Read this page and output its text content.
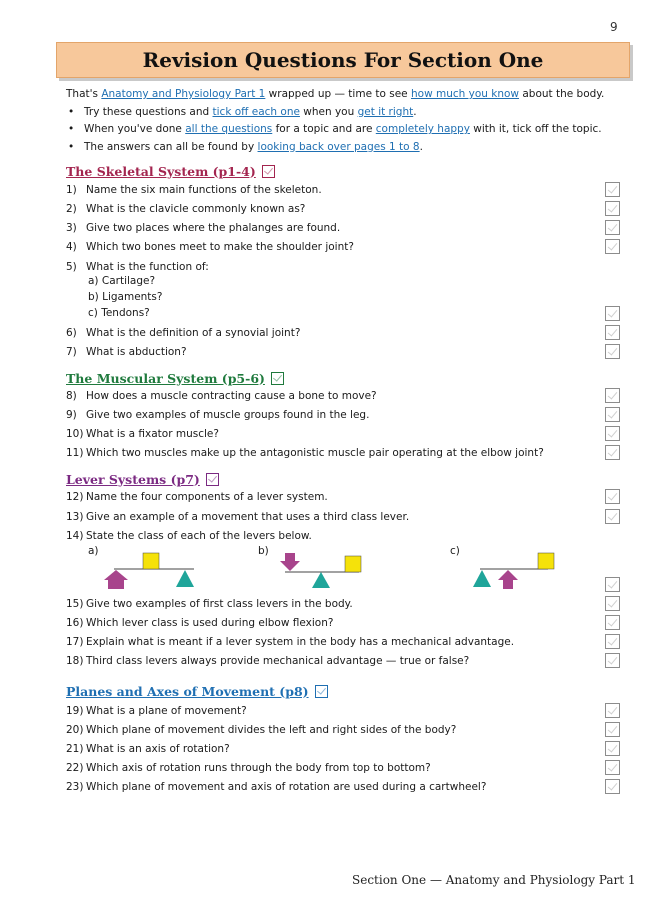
9
Revision Questions For Section One

That's Anatomy and Physiology Part 1 wrapped up — time to see how much you know about the body.

• Try these questions and tick off each one when you get it right.
• When you've done all the questions for a topic and are completely happy with it, tick off the topic.
• The answers can all be found by looking back over pages 1 to 8.
The Skeletal System (p1-4)
The Muscular System (p5-6)
Lever Systems (p7)
Planes and Axes of Movement (p8)
1) Name the six main functions of the skeleton.
2) What is the clavicle commonly known as?
3) Give two places where the phalanges are found.
4) Which two bones meet to make the shoulder joint?
5) What is the function of:
a) Cartilage?
b) Ligaments?
c) Tendons?
6) What is the definition of a synovial joint?
7) What is abduction?
8) How does a muscle contracting cause a bone to move?
9) Give two examples of muscle groups found in the leg.
10) What is a fixator muscle?
11) Which two muscles make up the antagonistic muscle pair operating at the elbow joint?
12) Name the four components of a lever system.
13) Give an example of a movement that uses a third class lever.
14) State the class of each of the levers below.
a)	b)	c)
15) Give two examples of first class levers in the body.
16) Which lever class is used during elbow flexion?
17) Explain what is meant if a lever system in the body has a mechanical advantage.
18) Third class levers always provide mechanical advantage — true or false?
19) What is a plane of movement?
20) Which plane of movement divides the left and right sides of the body?
21) What is an axis of rotation?
22) Which axis of rotation runs through the body from top to bottom?
23) Which plane of movement and axis of rotation are used during a cartwheel?
Section One — Anatomy and Physiology Part 1
